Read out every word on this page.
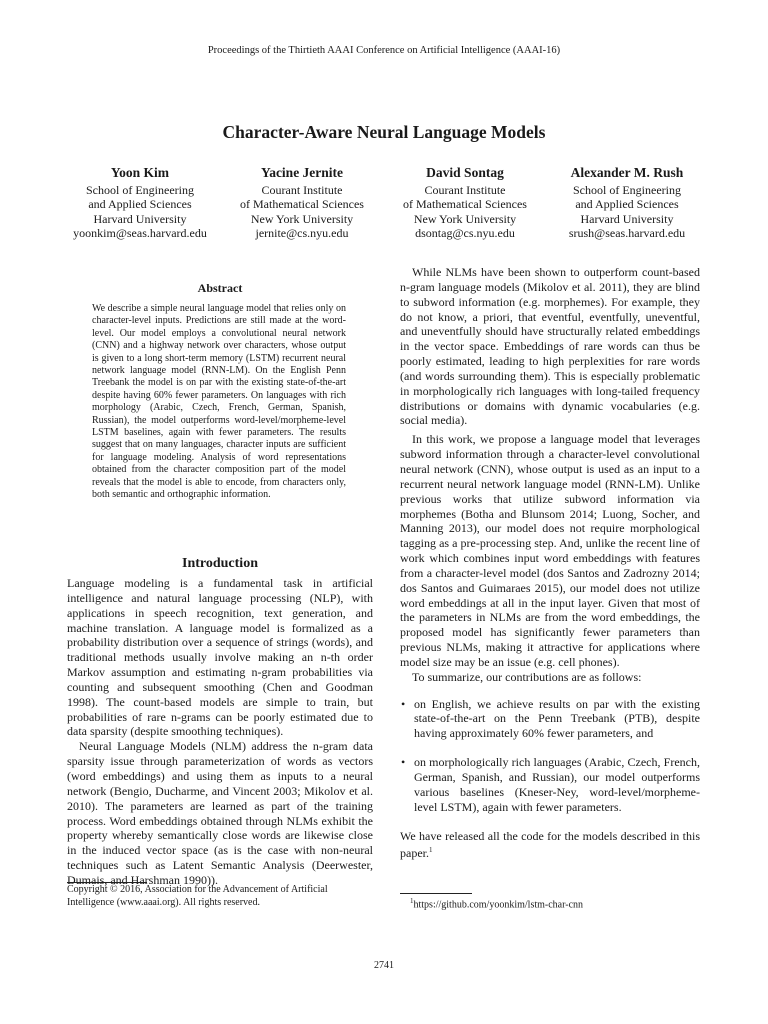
Proceedings of the Thirtieth AAAI Conference on Artificial Intelligence (AAAI-16)
Character-Aware Neural Language Models
Yoon Kim
School of Engineering
and Applied Sciences
Harvard University
yoonkim@seas.harvard.edu
Yacine Jernite
Courant Institute
of Mathematical Sciences
New York University
jernite@cs.nyu.edu
David Sontag
Courant Institute
of Mathematical Sciences
New York University
dsontag@cs.nyu.edu
Alexander M. Rush
School of Engineering
and Applied Sciences
Harvard University
srush@seas.harvard.edu
Abstract
We describe a simple neural language model that relies only on character-level inputs. Predictions are still made at the word-level. Our model employs a convolutional neural network (CNN) and a highway network over characters, whose output is given to a long short-term memory (LSTM) recurrent neural network language model (RNN-LM). On the English Penn Treebank the model is on par with the existing state-of-the-art despite having 60% fewer parameters. On languages with rich morphology (Arabic, Czech, French, German, Spanish, Russian), the model outperforms word-level/morpheme-level LSTM baselines, again with fewer parameters. The results suggest that on many languages, character inputs are sufficient for language modeling. Analysis of word representations obtained from the character composition part of the model reveals that the model is able to encode, from characters only, both semantic and orthographic information.
Introduction

Language modeling is a fundamental task in artificial intelligence and natural language processing (NLP), with applications in speech recognition, text generation, and machine translation. A language model is formalized as a probability distribution over a sequence of strings (words), and traditional methods usually involve making an n-th order Markov assumption and estimating n-gram probabilities via counting and subsequent smoothing (Chen and Goodman 1998). The count-based models are simple to train, but probabilities of rare n-grams can be poorly estimated due to data sparsity (despite smoothing techniques).

Neural Language Models (NLM) address the n-gram data sparsity issue through parameterization of words as vectors (word embeddings) and using them as inputs to a neural network (Bengio, Ducharme, and Vincent 2003; Mikolov et al. 2010). The parameters are learned as part of the training process. Word embeddings obtained through NLMs exhibit the property whereby semantically close words are likewise close in the induced vector space (as is the case with non-neural techniques such as Latent Semantic Analysis (Deerwester, Dumais, and Harshman 1990)).

While NLMs have been shown to outperform count-based n-gram language models (Mikolov et al. 2011), they are blind to subword information (e.g. morphemes). For example, they do not know, a priori, that eventful, eventfully, uneventful, and uneventfully should have structurally related embeddings in the vector space. Embeddings of rare words can thus be poorly estimated, leading to high perplexities for rare words (and words surrounding them). This is especially problematic in morphologically rich languages with long-tailed frequency distributions or domains with dynamic vocabularies (e.g. social media).

In this work, we propose a language model that leverages subword information through a character-level convolutional neural network (CNN), whose output is used as an input to a recurrent neural network language model (RNN-LM). Unlike previous works that utilize subword information via morphemes (Botha and Blunsom 2014; Luong, Socher, and Manning 2013), our model does not require morphological tagging as a pre-processing step. And, unlike the recent line of work which combines input word embeddings with features from a character-level model (dos Santos and Zadrozny 2014; dos Santos and Guimaraes 2015), our model does not utilize word embeddings at all in the input layer. Given that most of the parameters in NLMs are from the word embeddings, the proposed model has significantly fewer parameters than previous NLMs, making it attractive for applications where model size may be an issue (e.g. cell phones).

To summarize, our contributions are as follows:

• on English, we achieve results on par with the existing state-of-the-art on the Penn Treebank (PTB), despite having approximately 60% fewer parameters, and
• on morphologically rich languages (Arabic, Czech, French, German, Spanish, and Russian), our model outperforms various baselines (Kneser-Ney, word-level/morpheme-level LSTM), again with fewer parameters.

We have released all the code for the models described in this paper.$^1$

Copyright © 2016, Association for the Advancement of Artificial Intelligence (www.aaai.org). All rights reserved.	$^1$https://github.com/yoonkim/lstm-char-cnn
2741
